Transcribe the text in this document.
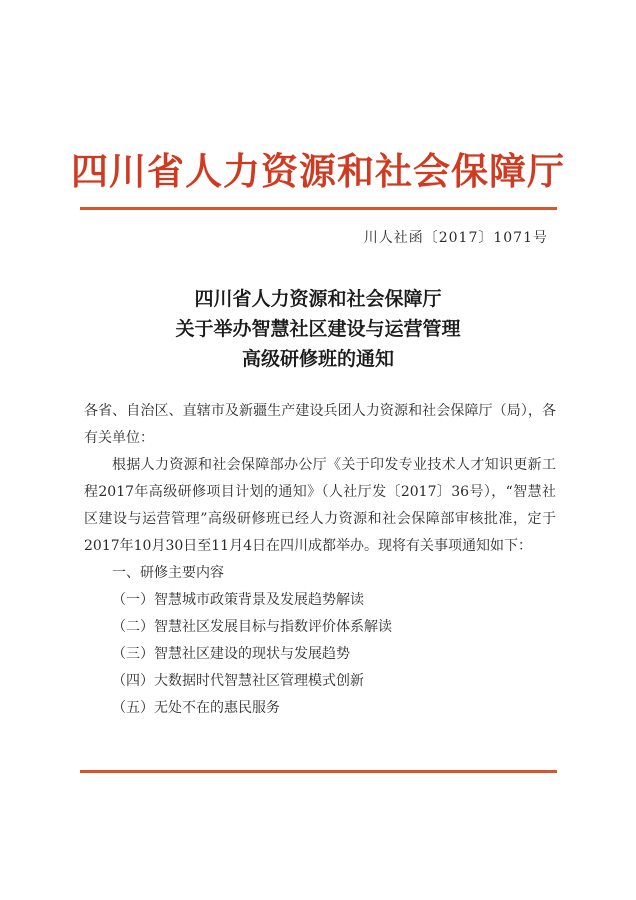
四川省人力资源和社会保障厅
川人社函〔2017〕1071号
四川省人力资源和社会保障厅
关于举办智慧社区建设与运营管理
高级研修班的通知

各省、自治区、直辖市及新疆生产建设兵团人力资源和社会保障厅（局），各有关单位：

根据人力资源和社会保障部办公厅《关于印发专业技术人才知识更新工程2017年高级研修项目计划的通知》（人社厅发〔2017〕36号），“智慧社区建设与运营管理”高级研修班已经人力资源和社会保障部审核批准，定于2017年10月30日至11月4日在四川成都举办。现将有关事项通知如下：

一、研修主要内容

（一）智慧城市政策背景及发展趋势解读

（二）智慧社区发展目标与指数评价体系解读

（三）智慧社区建设的现状与发展趋势

（四）大数据时代智慧社区管理模式创新

（五）无处不在的惠民服务
